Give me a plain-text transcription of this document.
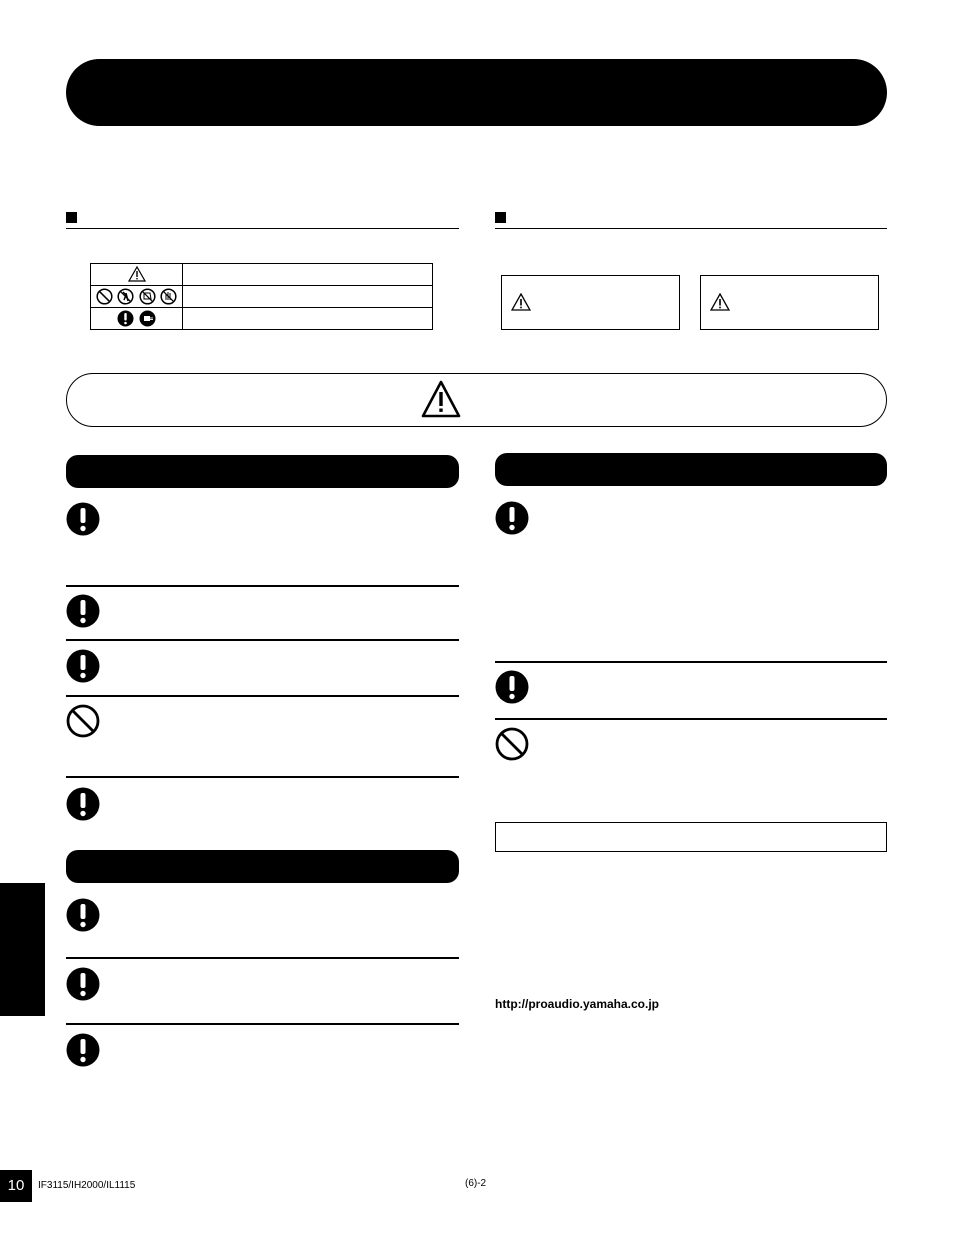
http://proaudio.yamaha.co.jp
10	IF3115/IH2000/IL1115	(6)-2
